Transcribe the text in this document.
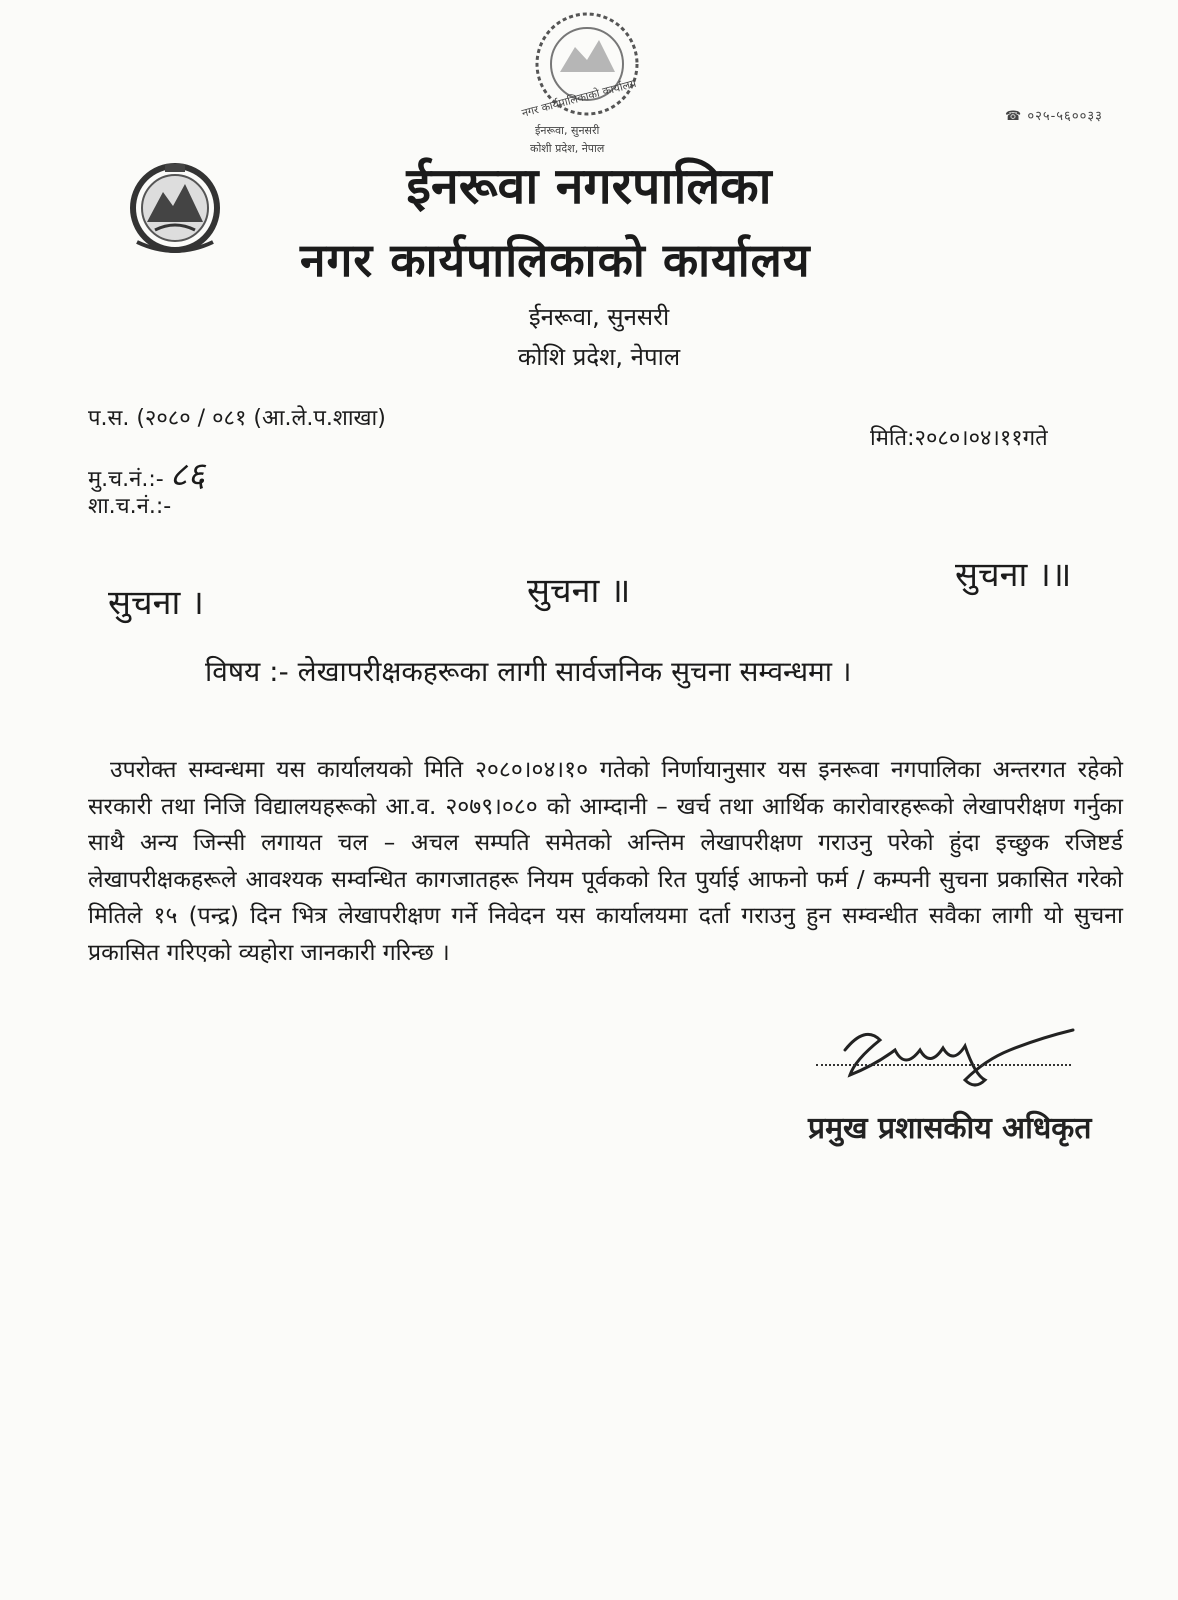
नगर कार्यपालिकाको कार्यालय
ईनरूवा, सुनसरी
कोशी प्रदेश, नेपाल
☎ ०२५-५६००३३
ईनरूवा नगरपालिका
नगर कार्यपालिकाको कार्यालय
ईनरूवा, सुनसरी
कोशि प्रदेश, नेपाल
प.स. (२०८० / ०८१ (आ.ले.प.शाखा)
मिति:२०८०।०४।११गते
मु.च.नं.:- ८६
शा.च.नं.:-
सुचना ।	सुचना ॥	सुचना ।॥
विषय :- लेखापरीक्षकहरूका लागी सार्वजनिक सुचना सम्वन्धमा ।
उपरोक्त सम्वन्धमा यस कार्यालयको मिति २०८०।०४।१० गतेको निर्णायानुसार यस इनरूवा नगपालिका अन्तरगत रहेको सरकारी तथा निजि विद्यालयहरूको आ.व. २०७९।०८० को आम्दानी – खर्च तथा आर्थिक कारोवारहरूको लेखापरीक्षण गर्नुका साथै अन्य जिन्सी लगायत चल – अचल सम्पति समेतको अन्तिम लेखापरीक्षण गराउनु परेको हुंदा इच्छुक रजिष्टर्ड लेखापरीक्षकहरूले आवश्यक सम्वन्धित कागजातहरू नियम पूर्वकको रित पुर्याई आफनो फर्म / कम्पनी सुचना प्रकासित गरेको मितिले १५ (पन्द्र) दिन भित्र लेखापरीक्षण गर्ने निवेदन यस कार्यालयमा दर्ता गराउनु हुन सम्वन्धीत सवैका लागी यो सुचना प्रकासित गरिएको व्यहोरा जानकारी गरिन्छ ।
प्रमुख प्रशासकीय अधिकृत
